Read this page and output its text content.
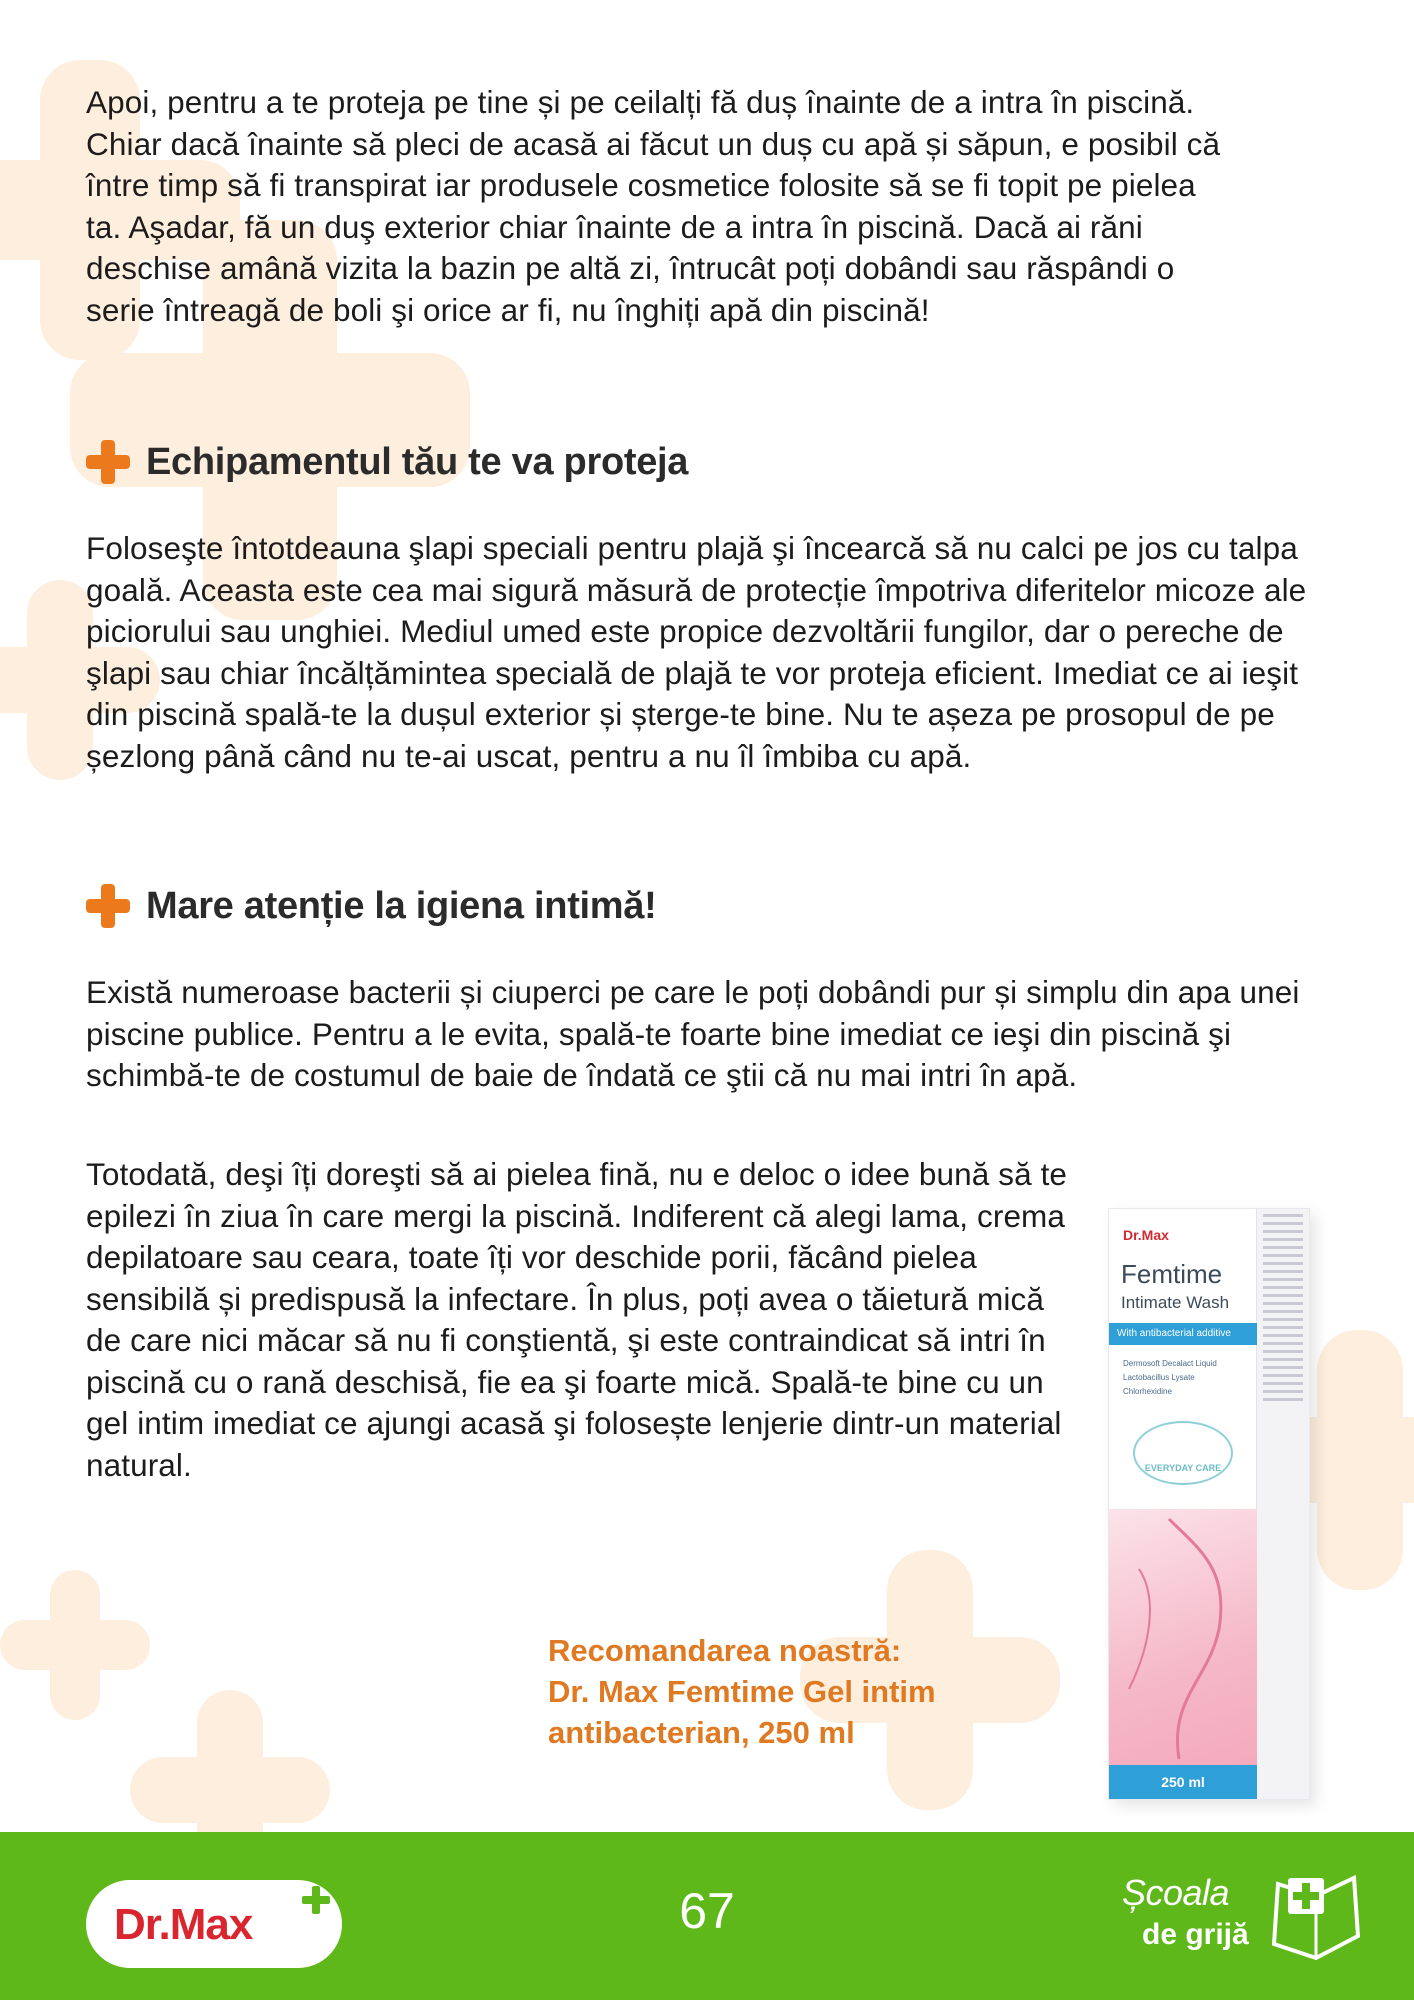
Apoi, pentru a te proteja pe tine și pe ceilalți fă duș înainte de a intra în piscină. Chiar dacă înainte să pleci de acasă ai făcut un duș cu apă și săpun, e posibil că între timp să fi transpirat iar produsele cosmetice folosite să se fi topit pe pielea ta. Aşadar, fă un duş exterior chiar înainte de a intra în piscină. Dacă ai răni deschise amână vizita la bazin pe altă zi, întrucât poți dobândi sau răspândi o serie întreagă de boli şi orice ar fi, nu înghiți apă din piscină!

Echipamentul tău te va proteja

Foloseşte întotdeauna şlapi speciali pentru plajă şi încearcă să nu calci pe jos cu talpa goală. Aceasta este cea mai sigură măsură de protecție împotriva diferitelor micoze ale piciorului sau unghiei. Mediul umed este propice dezvoltării fungilor, dar o pereche de şlapi sau chiar încălțămintea specială de plajă te vor proteja eficient. Imediat ce ai ieşit din piscină spală-te la dușul exterior și șterge-te bine. Nu te așeza pe prosopul de pe șezlong până când nu te-ai uscat, pentru a nu îl îmbiba cu apă.

Mare atenție la igiena intimă!

Există numeroase bacterii și ciuperci pe care le poți dobândi pur și simplu din apa unei piscine publice. Pentru a le evita, spală-te foarte bine imediat ce ieşi din piscină şi schimbă-te de costumul de baie de îndată ce ştii că nu mai intri în apă.

Totodată, deşi îți doreşti să ai pielea fină, nu e deloc o idee bună să te epilezi în ziua în care mergi la piscină. Indiferent că alegi lama, crema depilatoare sau ceara, toate îți vor deschide porii, făcând pielea sensibilă și predispusă la infectare. În plus, poți avea o tăietură mică de care nici măcar să nu fi conştientă, şi este contraindicat să intri în piscină cu o rană deschisă, fie ea şi foarte mică. Spală-te bine cu un gel intim imediat ce ajungi acasă şi folosește lenjerie dintr-un material natural.

Recomandarea noastră:
Dr. Max Femtime Gel intim
antibacterian, 250 ml
Dr.Max
Femtime
Intimate Wash
With antibacterial additive
Dermosoft Decalact Liquid
Lactobacillus Lysate
Chlorhexidine
EVERYDAY CARE
250 ml
Dr.Max	67	Școala
de grijă
